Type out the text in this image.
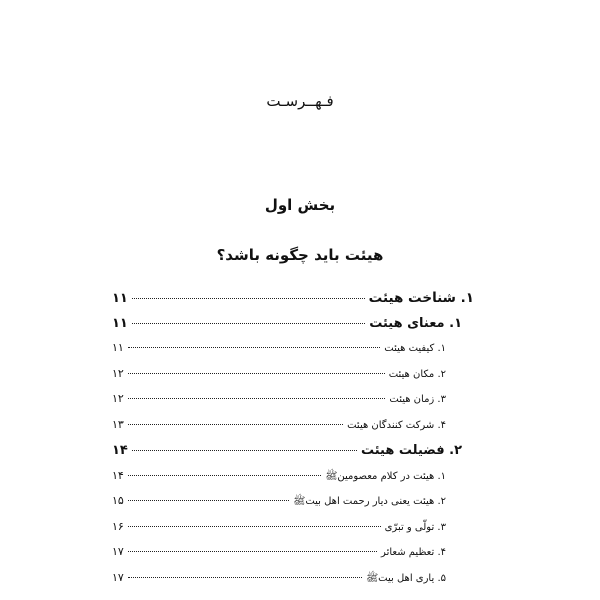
فـهــرسـت
بخش اول
هیئت باید چگونه باشد؟
۱. شناخت هیئت
۱۱
۱. معنای هیئت
۱۱
۱. کیفیت هیئت
۱۱
۲. مکان هیئت
۱۲
۳. زمان هیئت
۱۲
۴. شرکت کنندگان هیئت
۱۳
۲. فضیلت هیئت
۱۴
۱. هیئت در کلام معصومین‌ﷺ
۱۴
۲. هیئت یعنی دیار رحمت اهل بیت‌ﷺ
۱۵
۳. تولّی و تبرّی
۱۶
۴. تعظیم شعائر
۱۷
۵. یاری اهل بیت‌ﷺ
۱۷
